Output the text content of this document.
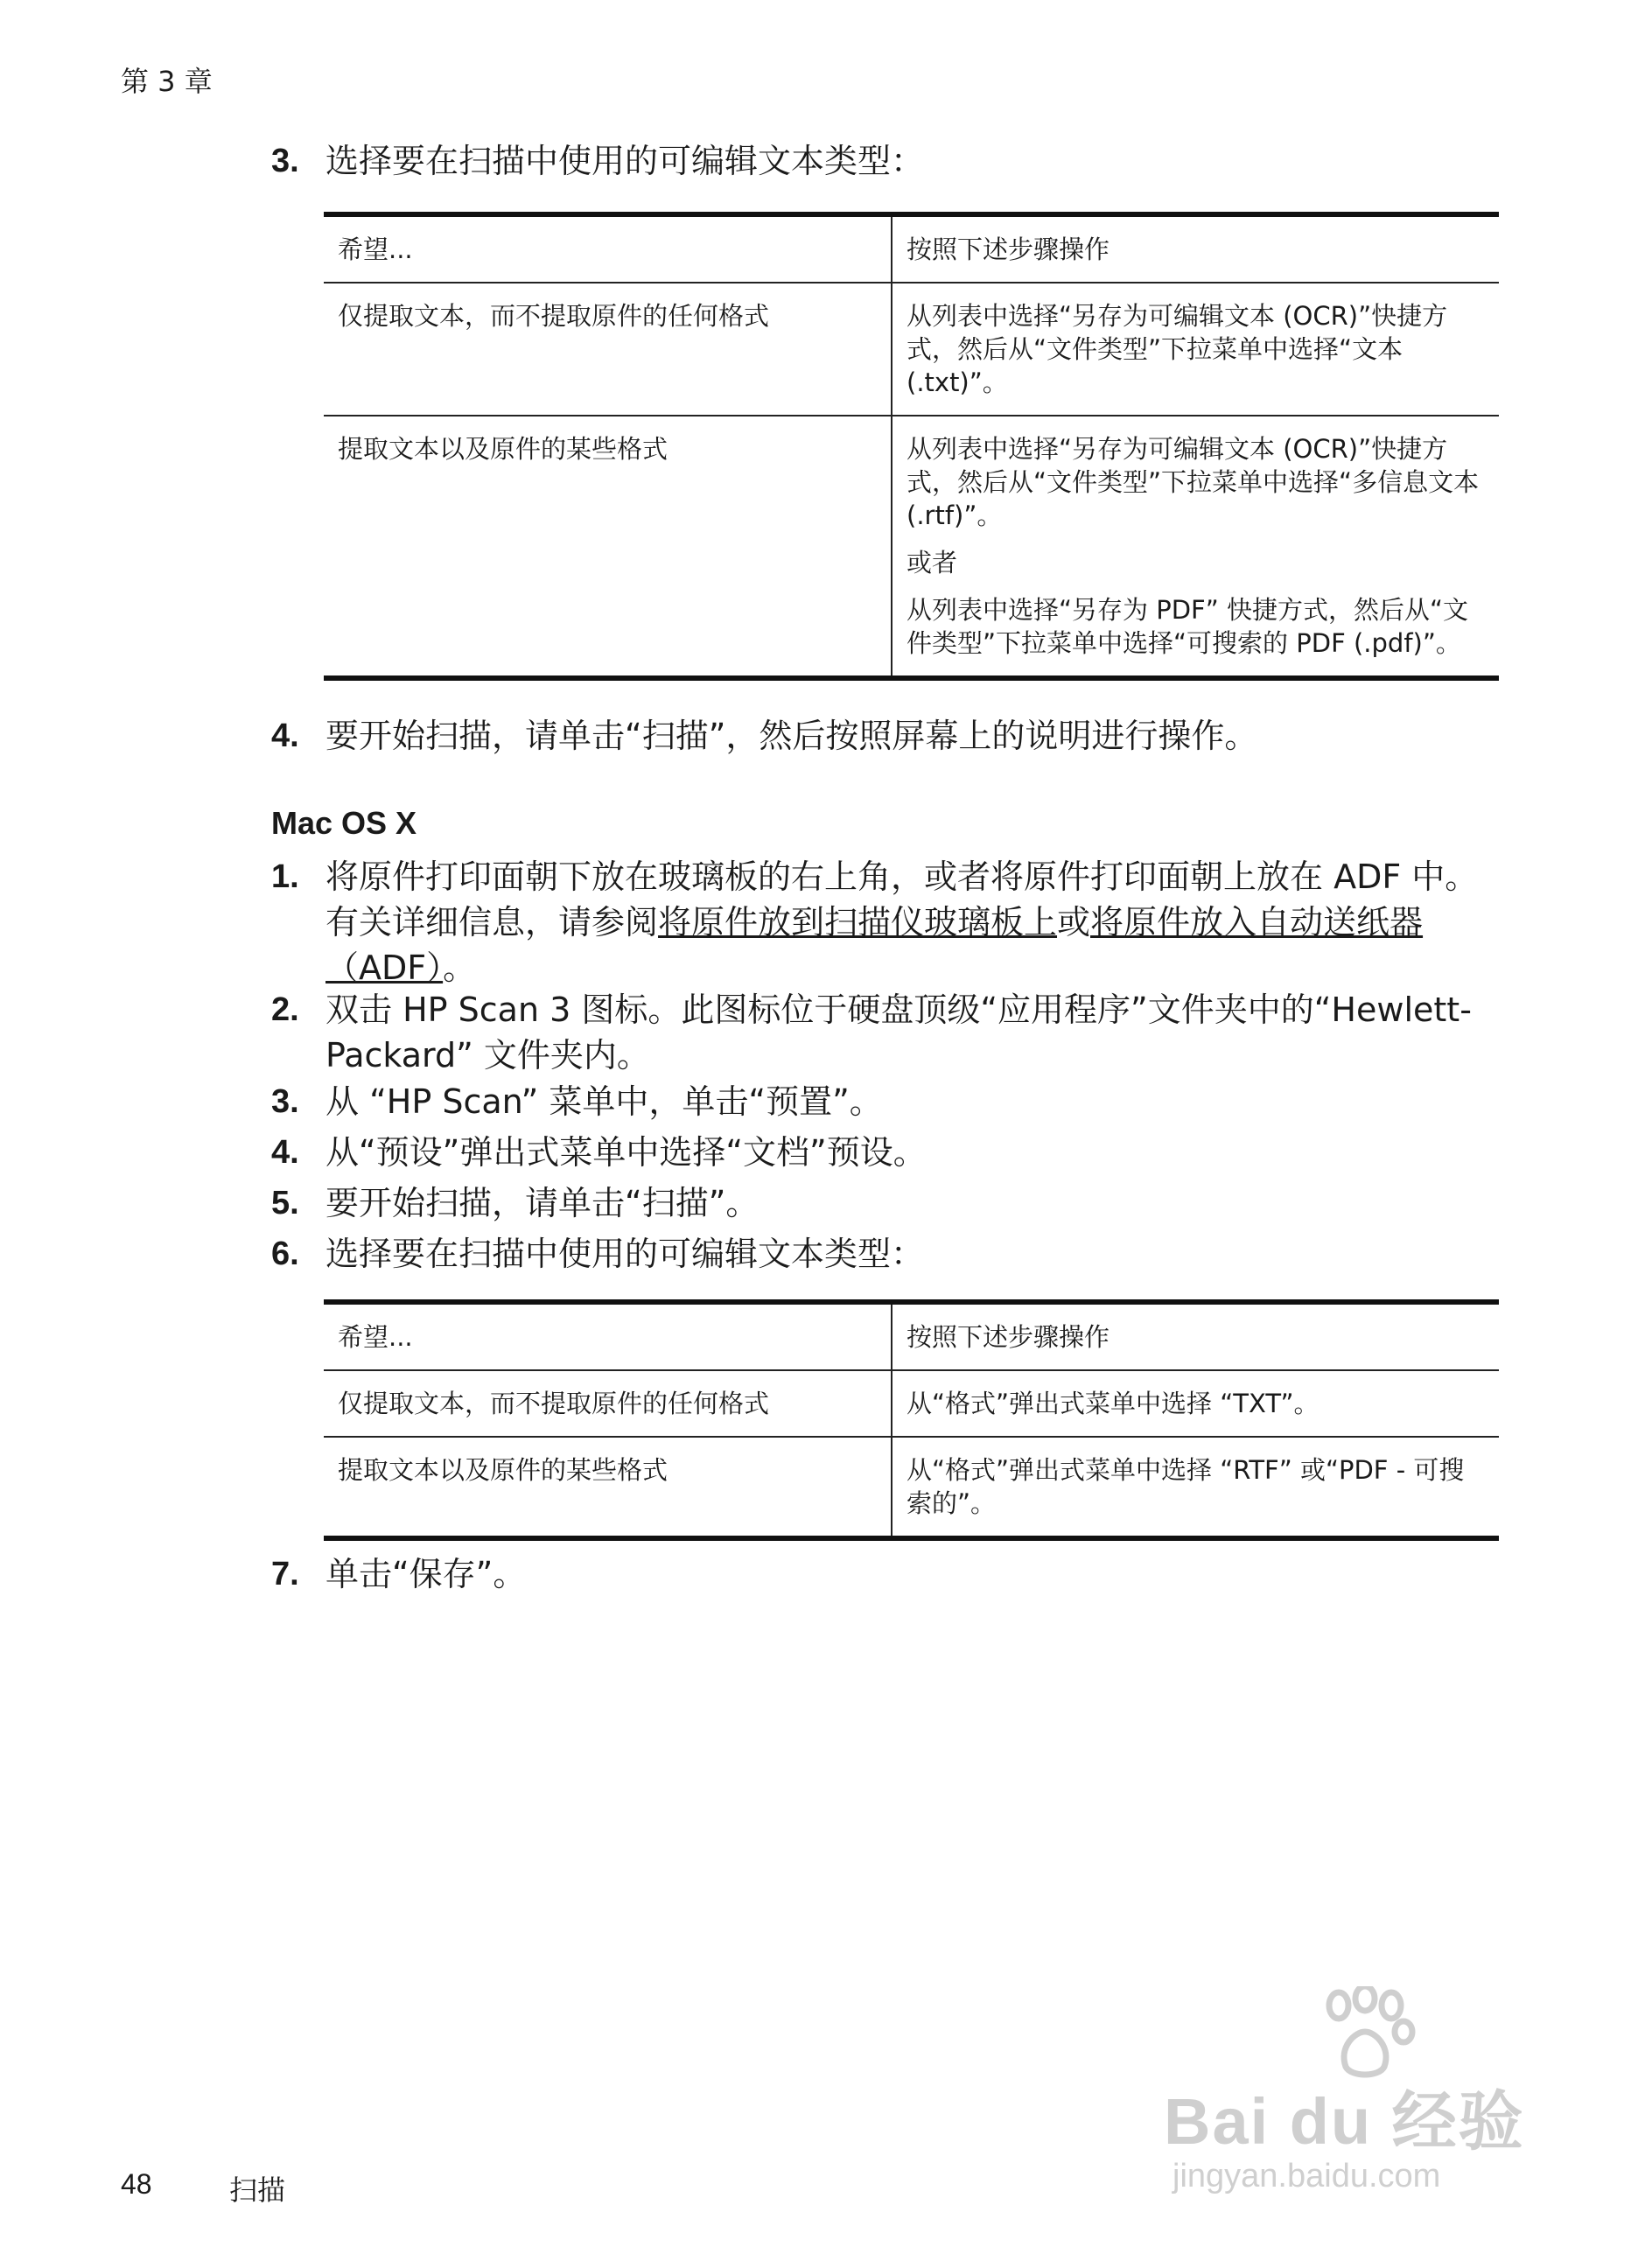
第 3 章
3. 选择要在扫描中使用的可编辑文本类型：
希望...	按照下述步骤操作
仅提取文本，而不提取原件的任何格式	从列表中选择“另存为可编辑文本 (OCR)”快捷方式，然后从“文件类型”下拉菜单中选择“文本 (.txt)”。

提取文本以及原件的某些格式	从列表中选择“另存为可编辑文本 (OCR)”快捷方式，然后从“文件类型”下拉菜单中选择“多信息文本 (.rtf)”。

或者

从列表中选择“另存为 PDF” 快捷方式，然后从“文件类型”下拉菜单中选择“可搜索的 PDF (.pdf)”。

4. 要开始扫描，请单击“扫描”，然后按照屏幕上的说明进行操作。
Mac OS X
1. 将原件打印面朝下放在玻璃板的右上角，或者将原件打印面朝上放在 ADF 中。有关详细信息，请参阅将原件放到扫描仪玻璃板上或将原件放入自动送纸器（ADF）。
2. 双击 HP Scan 3 图标。此图标位于硬盘顶级“应用程序”文件夹中的“Hewlett-Packard” 文件夹内。
3. 从 “HP Scan” 菜单中，单击“预置”。
4. 从“预设”弹出式菜单中选择“文档”预设。
5. 要开始扫描，请单击“扫描”。
6. 选择要在扫描中使用的可编辑文本类型：
希望...	按照下述步骤操作
仅提取文本，而不提取原件的任何格式	从“格式”弹出式菜单中选择 “TXT”。
提取文本以及原件的某些格式	从“格式”弹出式菜单中选择 “RTF” 或“PDF - 可搜索的”。
7. 单击“保存”。
Bai du 经验
jingyan.baidu.com
48	扫描
